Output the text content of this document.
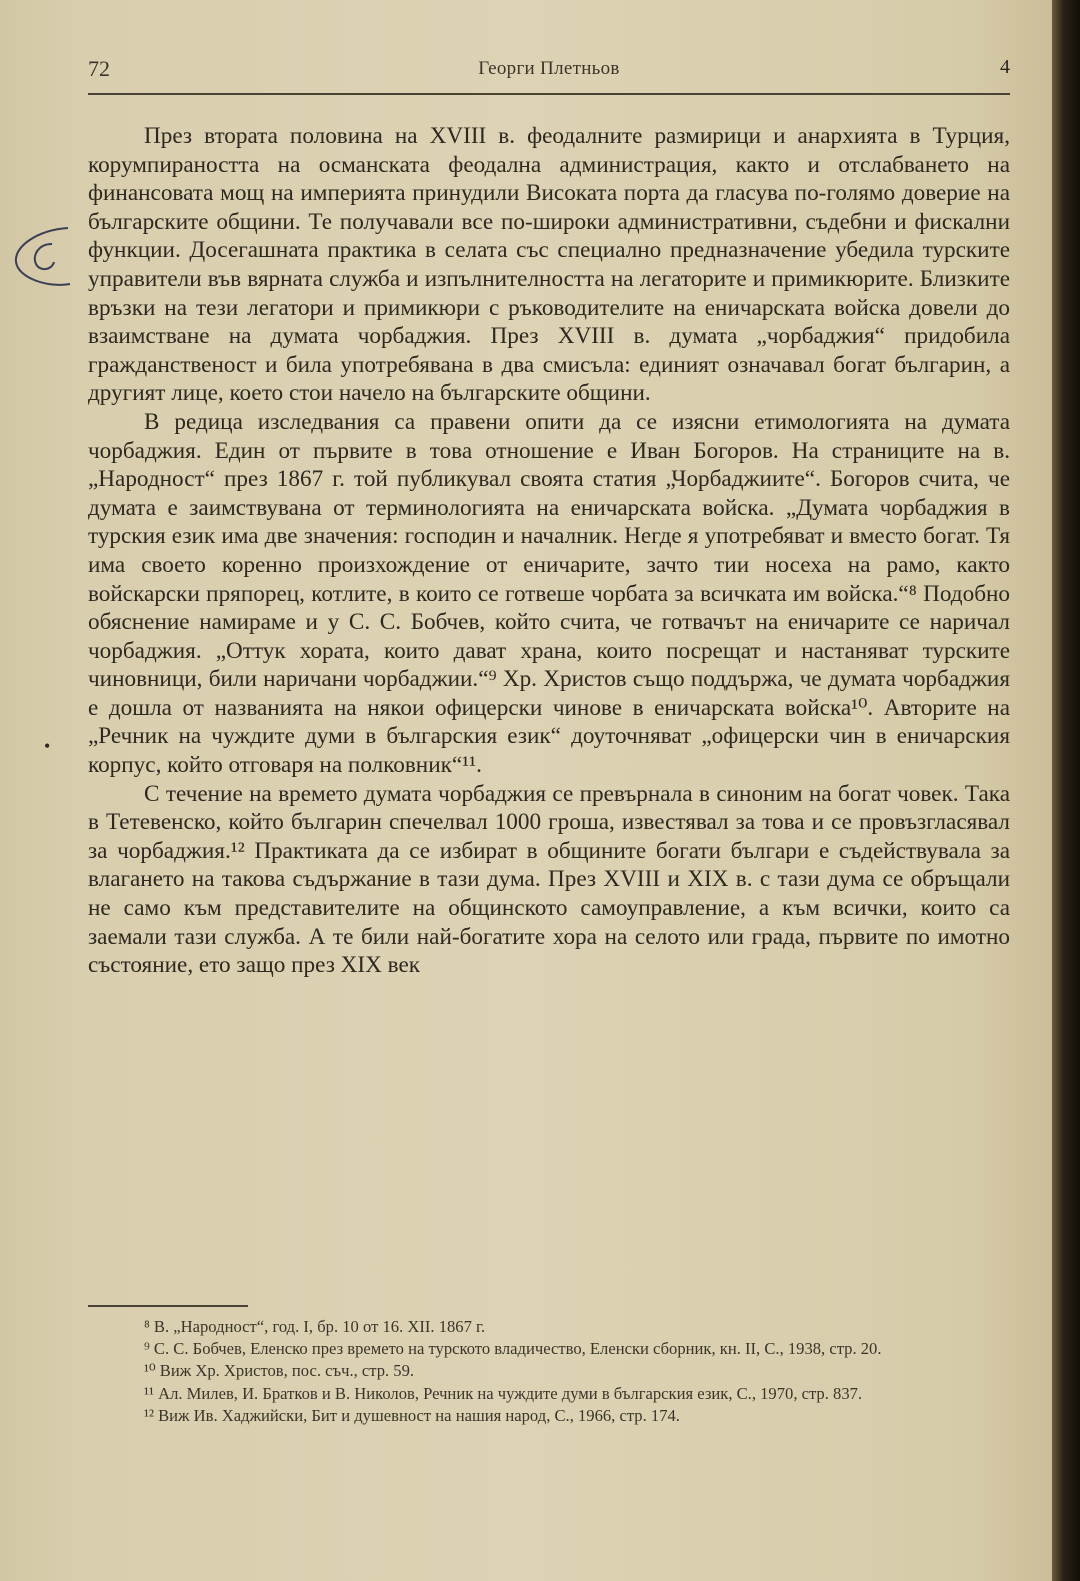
72	Георги Плетньов	4
•

През втората половина на XVIII в. феодалните размирици и анархията в Турция, корумпираността на османската феодална администрация, както и отслабването на финансовата мощ на империята принудили Високата порта да гласува по-голямо доверие на българските общини. Те получавали все по-широки административни, съдебни и фискални функции. Досегашната практика в селата със специално предназначение убедила турските управители във вярната служба и изпълнителността на легаторите и примикюрите. Близките връзки на тези легатори и примикюри с ръководителите на еничарската войска довели до взаимстване на думата чорбаджия. През XVIII в. думата „чорбаджия“ придобила гражданственост и била употребявана в два смисъла: единият означавал богат българин, а другият лице, което стои начело на българските общини.

В редица изследвания са правени опити да се изясни етимологията на думата чорбаджия. Един от първите в това отношение е Иван Богоров. На страниците на в. „Народност“ през 1867 г. той публикувал своята статия „Чорбаджиите“. Богоров счита, че думата е заимствувана от терминологията на еничарската войска. „Думата чорбаджия в турския език има две значения: господин и началник. Негде я употребяват и вместо богат. Тя има своето коренно произхождение от еничарите, зачто тии носеха на рамо, както войскарски пряпорец, котлите, в които се готвеше чорбата за всичката им войска.“⁸ Подобно обяснение намираме и у С. С. Бобчев, който счита, че готвачът на еничарите се наричал чорбаджия. „Оттук хората, които дават храна, които посрещат и настаняват турските чиновници, били наричани чорбаджии.“⁹ Хр. Христов също поддържа, че думата чорбаджия е дошла от названията на някои офицерски чинове в еничарската войска¹⁰. Авторите на „Речник на чуждите думи в българския език“ доуточняват „офицерски чин в еничарския корпус, който отговаря на полковник“¹¹.

С течение на времето думата чорбаджия се превърнала в синоним на богат човек. Така в Тетевенско, който българин спечелвал 1000 гроша, известявал за това и се провъзгласявал за чорбаджия.¹² Практиката да се избират в общините богати българи е съдействувала за влагането на такова съдържание в тази дума. През XVIII и XIX в. с тази дума се обръщали не само към представителите на общинското самоуправление, а към всички, които са заемали тази служба. А те били най-богатите хора на селото или града, първите по имотно състояние, ето защо през XIX век

⁸ В. „Народност“, год. I, бр. 10 от 16. XII. 1867 г.

⁹ С. С. Бобчев, Еленско през времето на турското владичество, Еленски сборник, кн. II, С., 1938, стр. 20.

¹⁰ Виж Хр. Христов, пос. съч., стр. 59.

¹¹ Ал. Милев, И. Братков и В. Николов, Речник на чуждите думи в българския език, С., 1970, стр. 837.

¹² Виж Ив. Хаджийски, Бит и душевност на нашия народ, С., 1966, стр. 174.
